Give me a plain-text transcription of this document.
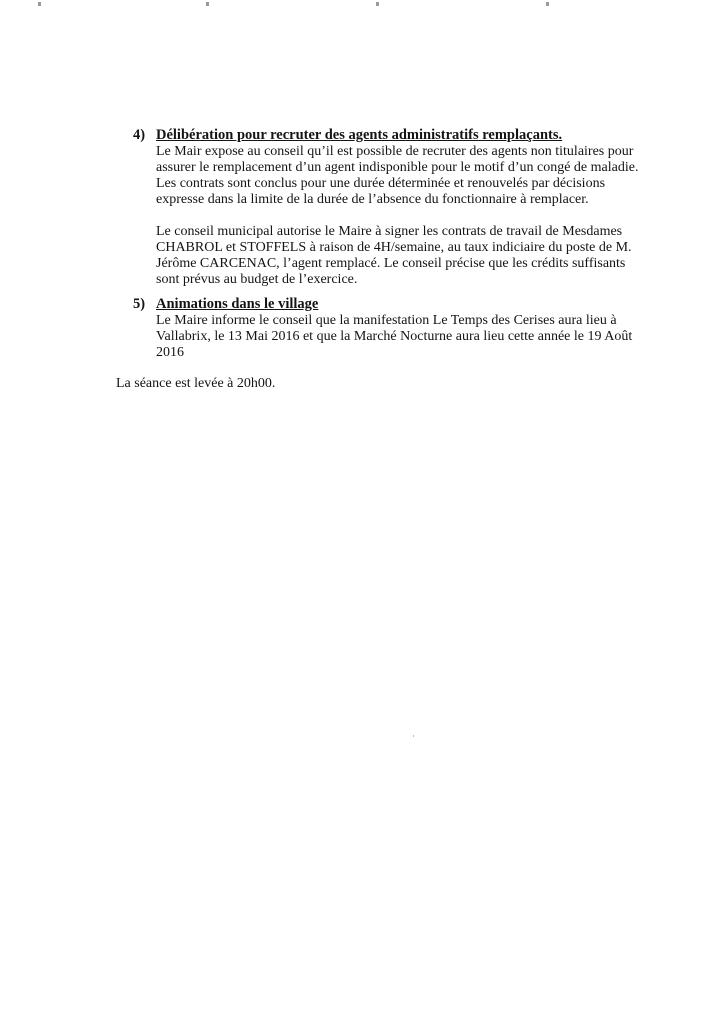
4) Délibération pour recruter des agents administratifs remplaçants.
Le Mair expose au conseil qu’il est possible de recruter des agents non titulaires pour
assurer le remplacement d’un agent indisponible pour le motif d’un congé de maladie.
Les contrats sont conclus pour une durée déterminée et renouvelés par décisions
expresse dans la limite de la durée de l’absence du fonctionnaire à remplacer.
Le conseil municipal autorise le Maire à signer les contrats de travail de Mesdames
CHABROL et STOFFELS à raison de 4H/semaine, au taux indiciaire du poste de M.
Jérôme CARCENAC, l’agent remplacé. Le conseil précise que les crédits suffisants
sont prévus au budget de l’exercice.
5) Animations dans le village
Le Maire informe le conseil que la manifestation Le Temps des Cerises aura lieu à
Vallabrix, le 13 Mai 2016 et que la Marché Nocturne aura lieu cette année le 19 Août
2016

La séance est levée à 20h00.
